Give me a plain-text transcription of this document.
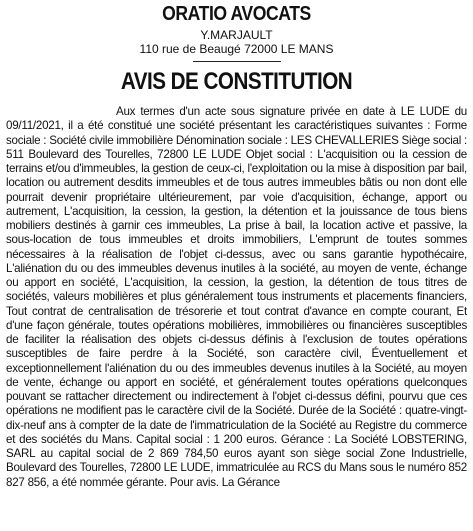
ORATIO AVOCATS

Y.MARJAULT

110 rue de Beaugé 72000 LE MANS

AVIS DE CONSTITUTION

Aux termes d'un acte sous signature privée en date à LE LUDE du 09/11/2021, il a été constitué une société présentant les caractéristiques suivantes : Forme sociale : Société civile immobilière Dénomination sociale : LES CHEVALLERIES Siège social : 511 Boulevard des Tourelles, 72800 LE LUDE Objet social : L'acquisition ou la cession de terrains et/ou d'immeubles, la gestion de ceux-ci, l'exploitation ou la mise à disposition par bail, location ou autrement desdits immeubles et de tous autres immeubles bâtis ou non dont elle pourrait devenir propriétaire ultérieurement, par voie d'acquisition, échange, apport ou autrement, L'acquisition, la cession, la gestion, la détention et la jouissance de tous biens mobiliers destinés à garnir ces immeubles, La prise à bail, la location active et passive, la sous-location de tous immeubles et droits immobiliers, L'emprunt de toutes sommes nécessaires à la réalisation de l'objet ci-dessus, avec ou sans garantie hypothécaire, L'aliénation du ou des immeubles devenus inutiles à la société, au moyen de vente, échange ou apport en société, L'acquisition, la cession, la gestion, la détention de tous titres de sociétés, valeurs mobilières et plus généralement tous instruments et placements financiers, Tout contrat de centralisation de trésorerie et tout contrat d'avance en compte courant, Et d'une façon générale, toutes opérations mobilières, immobilières ou financières susceptibles de faciliter la réalisation des objets ci-dessus définis à l'exclusion de toutes opérations susceptibles de faire perdre à la Société, son caractère civil, Éventuellement et exceptionnellement l'aliénation du ou des immeubles devenus inutiles à la Société, au moyen de vente, échange ou apport en société, et généralement toutes opérations quelconques pouvant se rattacher directement ou indirectement à l'objet ci-dessus défini, pourvu que ces opérations ne modifient pas le caractère civil de la Société. Durée de la Société : quatre-vingt-dix-neuf ans à compter de la date de l'immatriculation de la Société au Registre du commerce et des sociétés du Mans. Capital social : 1 200 euros. Gérance : La Société LOBSTERING, SARL au capital social de 2 869 784,50 euros ayant son siège social Zone Industrielle, Boulevard des Tourelles, 72800 LE LUDE, immatriculée au RCS du Mans sous le numéro 852 827 856, a été nommée gérante. Pour avis. La Gérance
